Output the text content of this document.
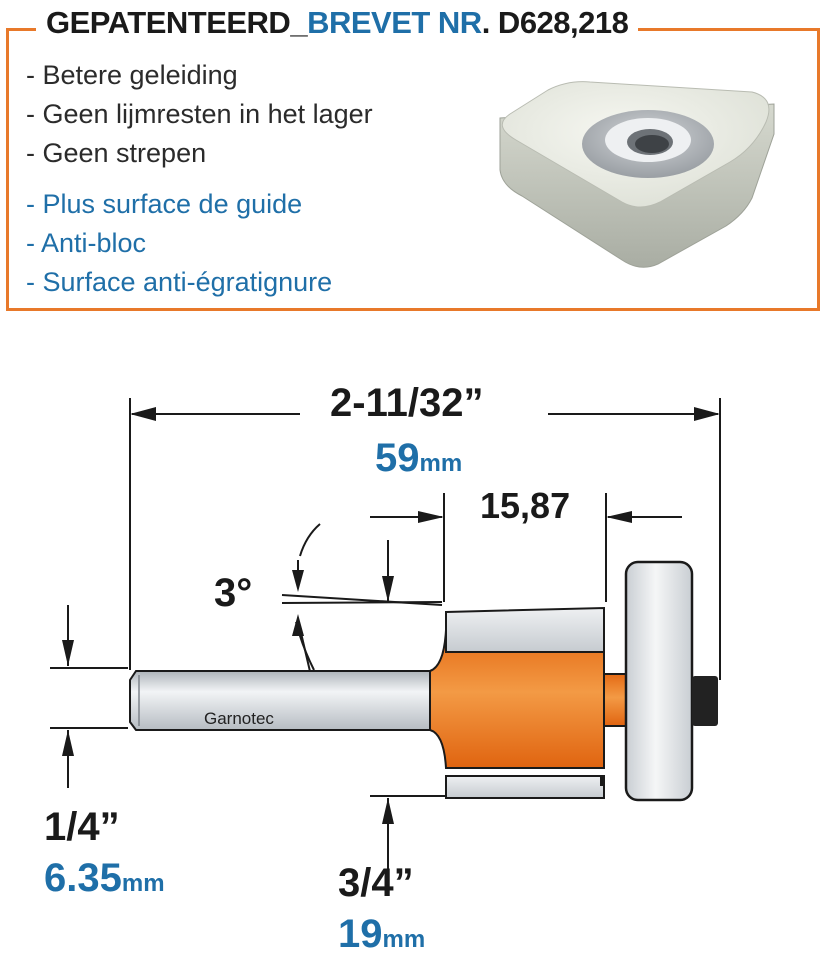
GEPATENTEERD_BREVET NR. D628,218
- Betere geleiding
- Geen lijmresten in het lager
- Geen strepen
- Plus surface de guide
- Anti-bloc
- Surface anti-égratignure
Garnotec
2-11/32”
59mm
15,87
3°
1/4”
6.35mm	3/4”
19mm
